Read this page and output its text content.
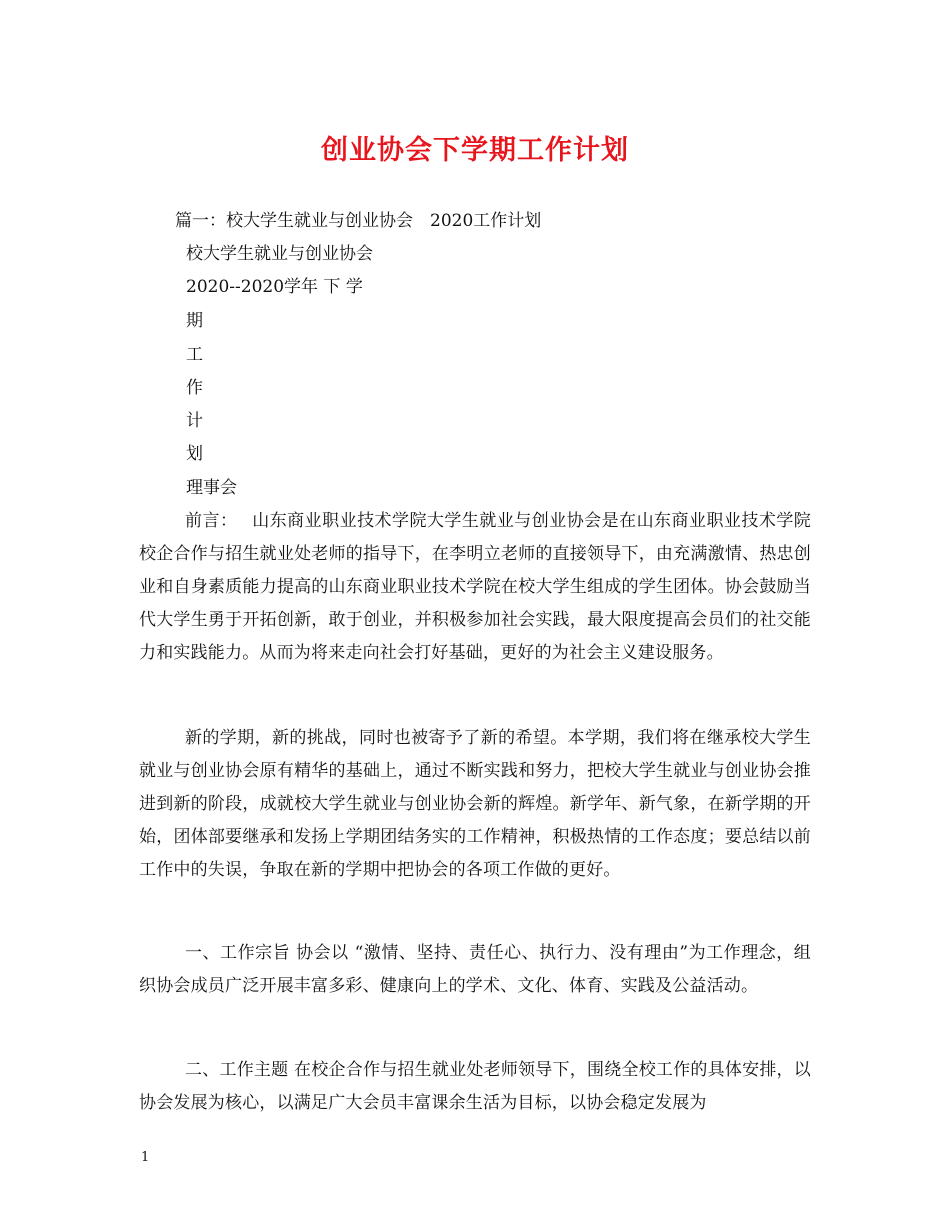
创业协会下学期工作计划
篇一：校大学生就业与创业协会　2020工作计划
校大学生就业与创业协会
2020--2020学年 下 学
期
工
作
计
划
理事会
前言：　 山东商业职业技术学院大学生就业与创业协会是在山东商业职业技术学院校企合作与招生就业处老师的指导下，在李明立老师的直接领导下，由充满激情、热忠创业和自身素质能力提高的山东商业职业技术学院在校大学生组成的学生团体。协会鼓励当代大学生勇于开拓创新，敢于创业，并积极参加社会实践，最大限度提高会员们的社交能力和实践能力。从而为将来走向社会打好基础，更好的为社会主义建设服务。
新的学期，新的挑战，同时也被寄予了新的希望。本学期，我们将在继承校大学生就业与创业协会原有精华的基础上，通过不断实践和努力，把校大学生就业与创业协会推进到新的阶段，成就校大学生就业与创业协会新的辉煌。新学年、新气象，在新学期的开始，团体部要继承和发扬上学期团结务实的工作精神，积极热情的工作态度；要总结以前工作中的失误，争取在新的学期中把协会的各项工作做的更好。
一、工作宗旨 协会以 “激情、坚持、责任心、执行力、没有理由”为工作理念，组织协会成员广泛开展丰富多彩、健康向上的学术、文化、体育、实践及公益活动。
二、工作主题 在校企合作与招生就业处老师领导下，围绕全校工作的具体安排，以协会发展为核心，以满足广大会员丰富课余生活为目标，以协会稳定发展为
1
